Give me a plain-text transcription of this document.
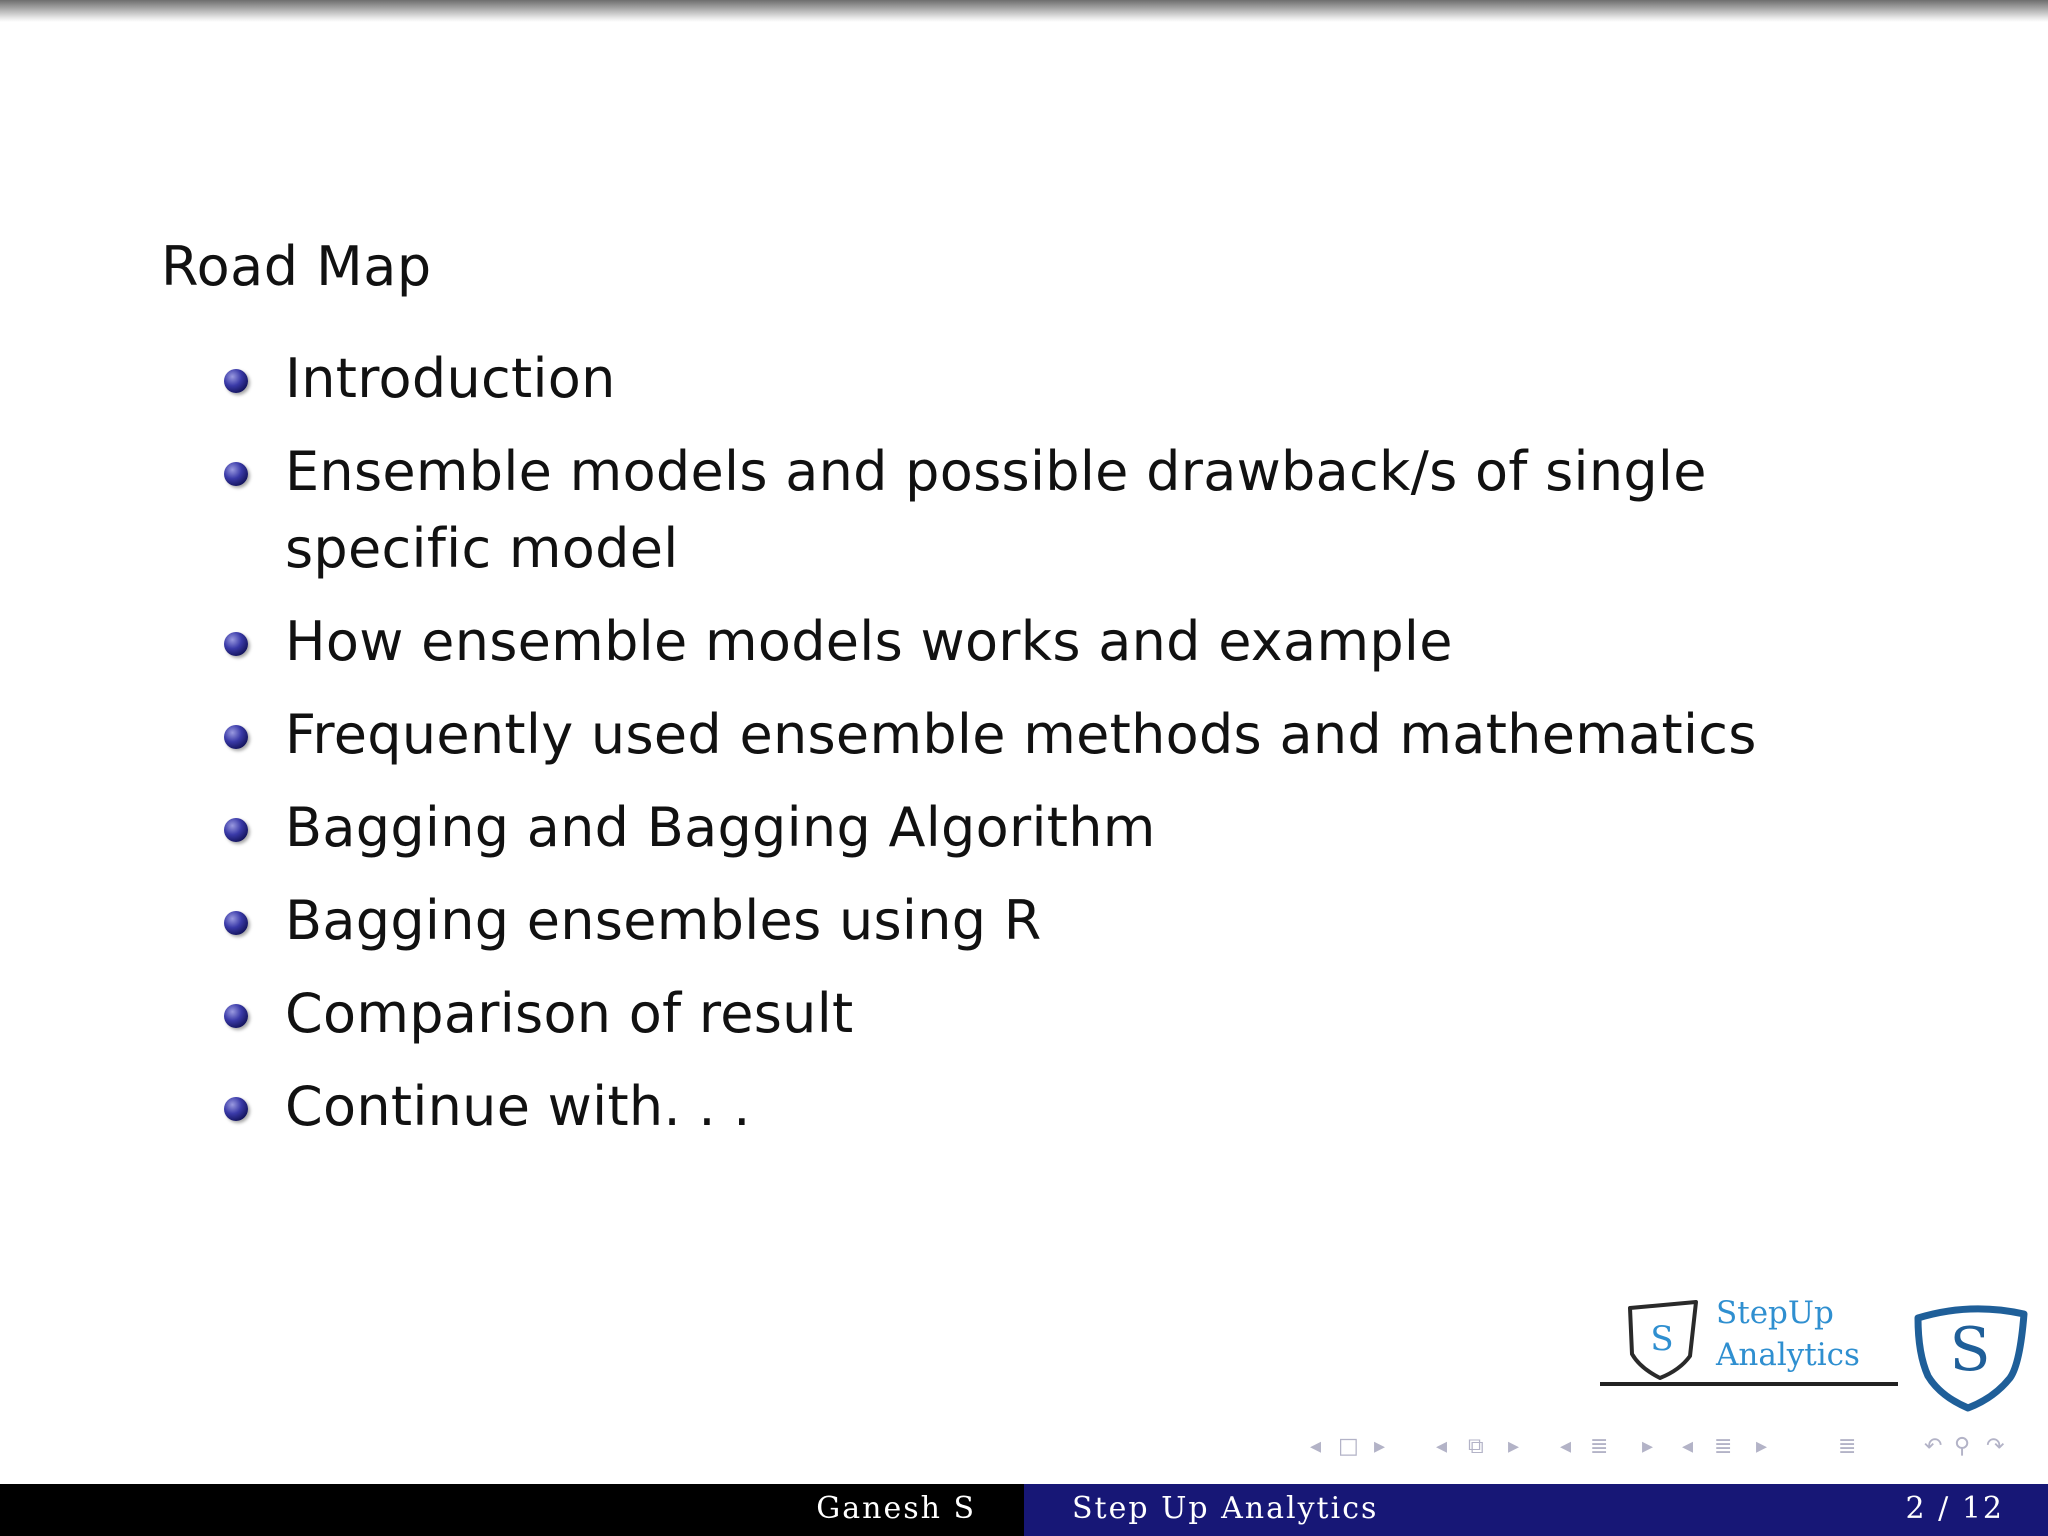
Road Map
Introduction
Ensemble models and possible drawback/s of single specific model
How ensemble models works and example
Frequently used ensemble methods and mathematics
Bagging and Bagging Algorithm
Bagging ensembles using R
Comparison of result
Continue with. . .
S
StepUp
Analytics S
◂ □ ▸ ◂ ⧉ ▸ ◂ ≣ ▸ ◂ ≣ ▸	≣	↶ ⚲ ↷
Ganesh S	Step Up Analytics	2 / 12
